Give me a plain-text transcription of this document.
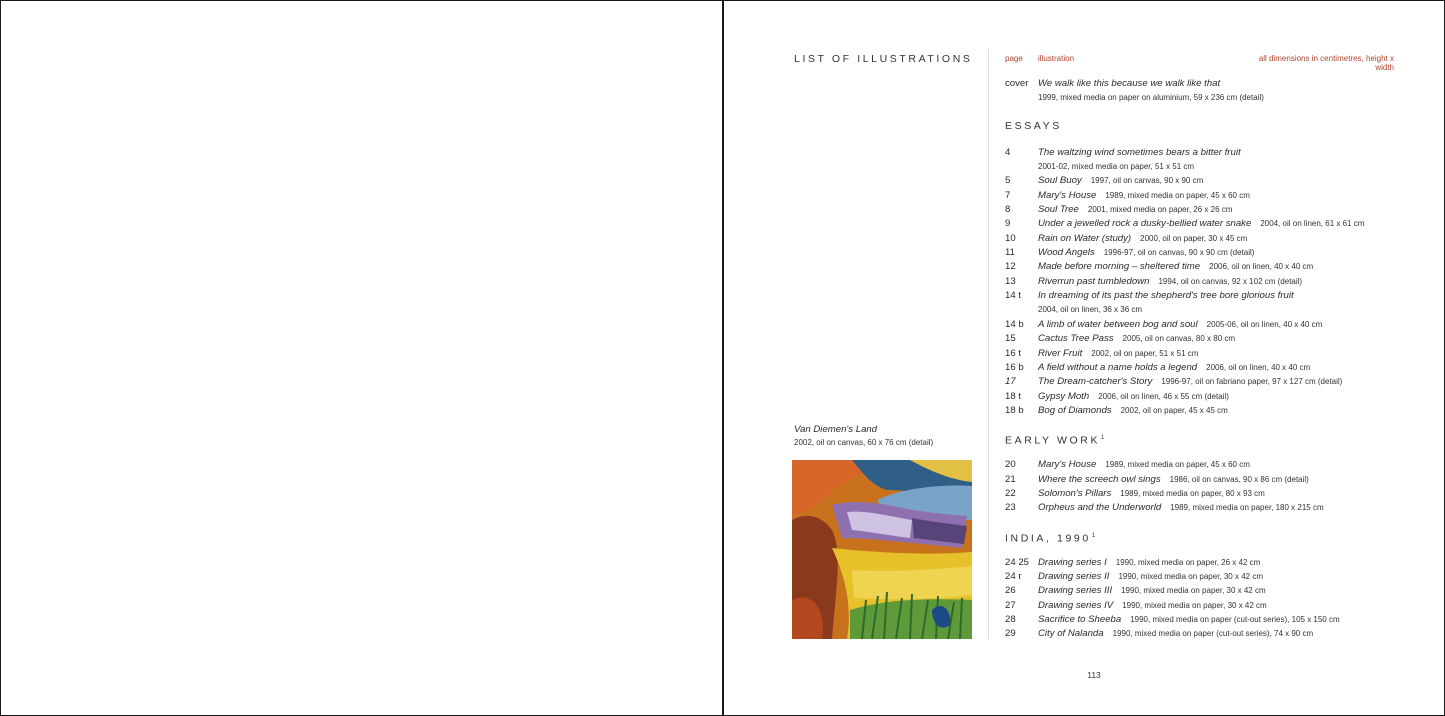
LIST OF ILLUSTRATIONS	page illustration	all dimensions in centimetres, height x width
cover We walk like this because we walk like that
1999, mixed media on paper on aluminium, 59 x 236 cm (detail)
ESSAYS
4	The waltzing wind sometimes bears a bitter fruit
2001-02, mixed media on paper, 51 x 51 cm
5	Soul Buoy 1997, oil on canvas, 90 x 90 cm
7	Mary's House 1989, mixed media on paper, 45 x 60 cm
8	Soul Tree 2001, mixed media on paper, 26 x 26 cm
9	Under a jewelled rock a dusky-bellied water snake 2004, oil on linen, 61 x 61 cm
10	Rain on Water (study) 2000, oil on paper, 30 x 45 cm
11	Wood Angels 1996-97, oil on canvas, 90 x 90 cm (detail)
12	Made before morning – sheltered time 2006, oil on linen, 40 x 40 cm
13	Riverrun past tumbledown 1994, oil on canvas, 92 x 102 cm (detail)
14 t	In dreaming of its past the shepherd's tree bore glorious fruit
2004, oil on linen, 36 x 36 cm
14 b	A limb of water between bog and soul 2005-06, oil on linen, 40 x 40 cm
15	Cactus Tree Pass 2005, oil on canvas, 80 x 80 cm
16 t	River Fruit 2002, oil on paper, 51 x 51 cm
16 b	A field without a name holds a legend 2006, oil on linen, 40 x 40 cm
17	The Dream-catcher's Story 1996-97, oil on fabriano paper, 97 x 127 cm (detail)
18 t	Gypsy Moth 2006, oil on linen, 46 x 55 cm (detail)
18 b	Bog of Diamonds 2002, oil on paper, 45 x 45 cm
EARLY WORK$^1$
20	Mary's House 1989, mixed media on paper, 45 x 60 cm
21	Where the screech owl sings 1986, oil on canvas, 90 x 86 cm (detail)
22	Solomon's Pillars 1989, mixed media on paper, 80 x 93 cm
23	Orpheus and the Underworld 1989, mixed media on paper, 180 x 215 cm
INDIA, 1990$^1$
24 25 Drawing series I 1990, mixed media on paper, 26 x 42 cm
24 r	Drawing series II 1990, mixed media on paper, 30 x 42 cm
26	Drawing series III 1990, mixed media on paper, 30 x 42 cm
27	Drawing series IV 1990, mixed media on paper, 30 x 42 cm
28	Sacrifice to Sheeba 1990, mixed media on paper (cut-out series), 105 x 150 cm
29	City of Nalanda 1990, mixed media on paper (cut-out series), 74 x 90 cm
Van Diemen's Land
2002, oil on canvas, 60 x 76 cm (detail)
113
